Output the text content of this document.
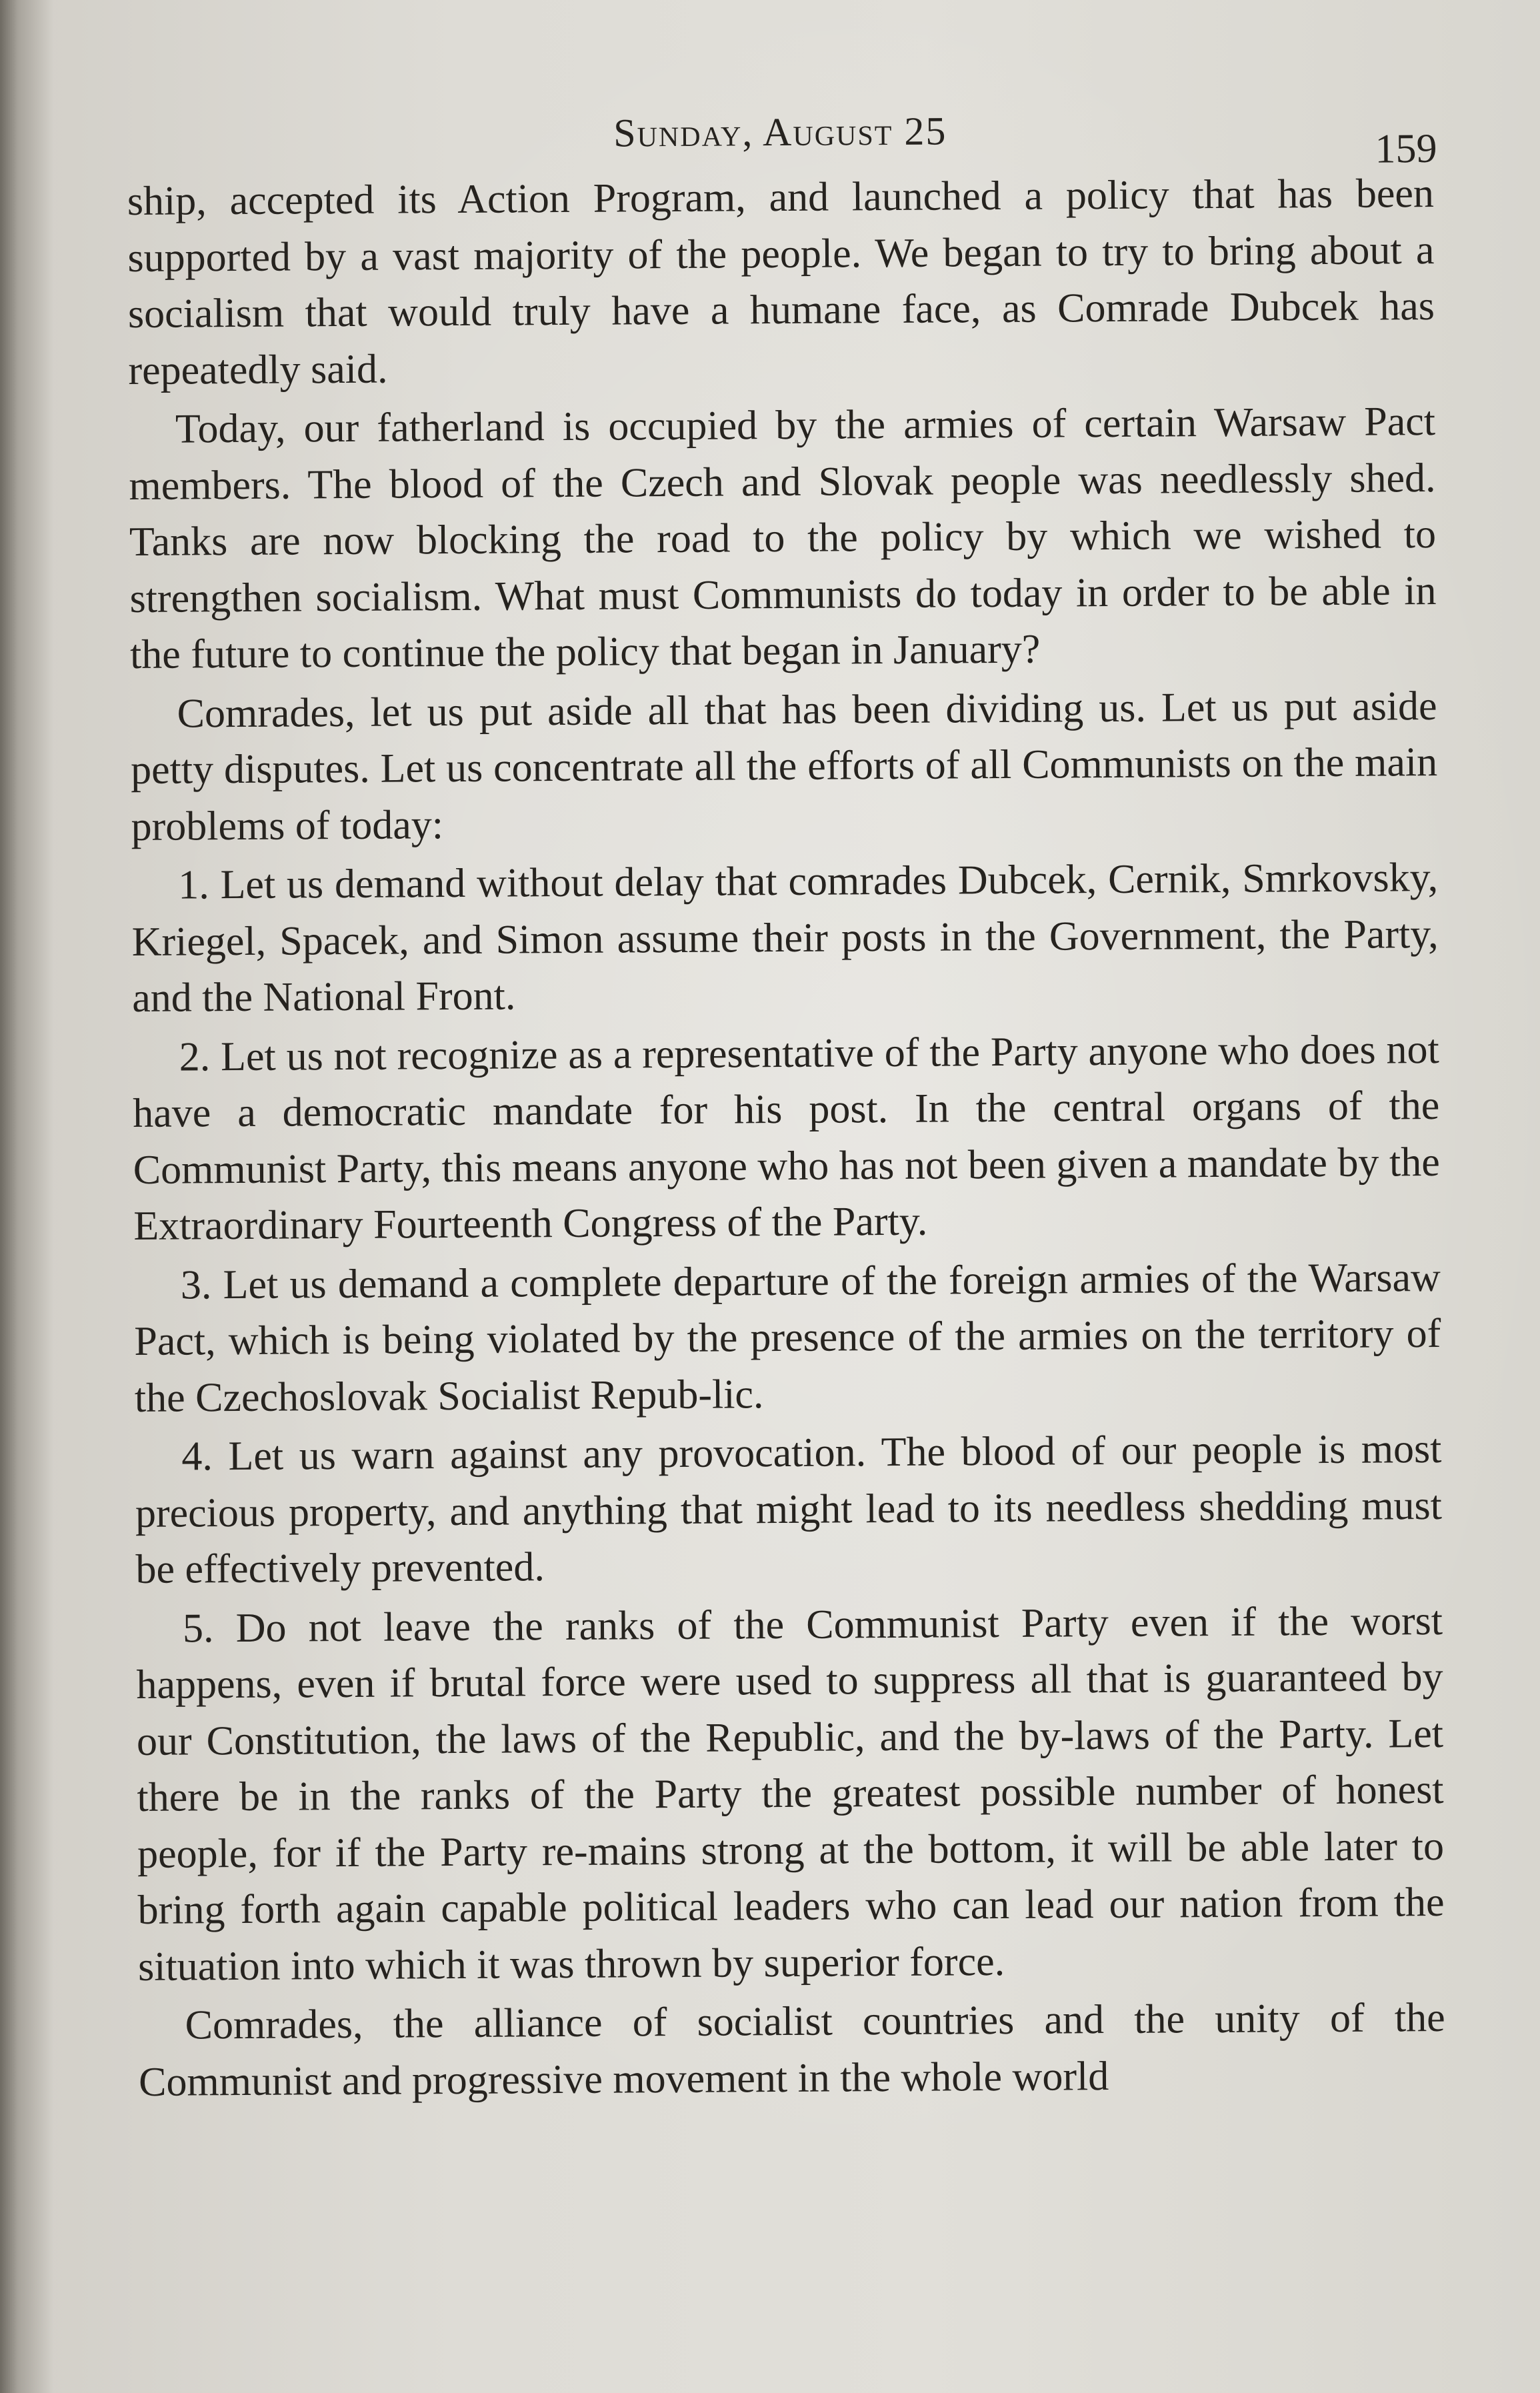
Sunday, August 25	159

ship, accepted its Action Program, and launched a policy that has been supported by a vast majority of the people. We began to try to bring about a socialism that would truly have a humane face, as Comrade Dubcek has repeatedly said.

Today, our fatherland is occupied by the armies of certain Warsaw Pact members. The blood of the Czech and Slovak people was needlessly shed. Tanks are now blocking the road to the policy by which we wished to strengthen socialism. What must Communists do today in order to be able in the future to continue the policy that began in January?

Comrades, let us put aside all that has been dividing us. Let us put aside petty disputes. Let us concentrate all the efforts of all Communists on the main problems of today:

1. Let us demand without delay that comrades Dubcek, Cernik, Smrkovsky, Kriegel, Spacek, and Simon assume their posts in the Government, the Party, and the National Front.

2. Let us not recognize as a representative of the Party anyone who does not have a democratic mandate for his post. In the central organs of the Communist Party, this means anyone who has not been given a mandate by the Extraordinary Fourteenth Congress of the Party.

3. Let us demand a complete departure of the foreign armies of the Warsaw Pact, which is being violated by the presence of the armies on the territory of the Czechoslovak Socialist Repub-lic.

4. Let us warn against any provocation. The blood of our people is most precious property, and anything that might lead to its needless shedding must be effectively prevented.

5. Do not leave the ranks of the Communist Party even if the worst happens, even if brutal force were used to suppress all that is guaranteed by our Constitution, the laws of the Republic, and the by-laws of the Party. Let there be in the ranks of the Party the greatest possible number of honest people, for if the Party re-mains strong at the bottom, it will be able later to bring forth again capable political leaders who can lead our nation from the situation into which it was thrown by superior force.

Comrades, the alliance of socialist countries and the unity of the Communist and progressive movement in the whole world
